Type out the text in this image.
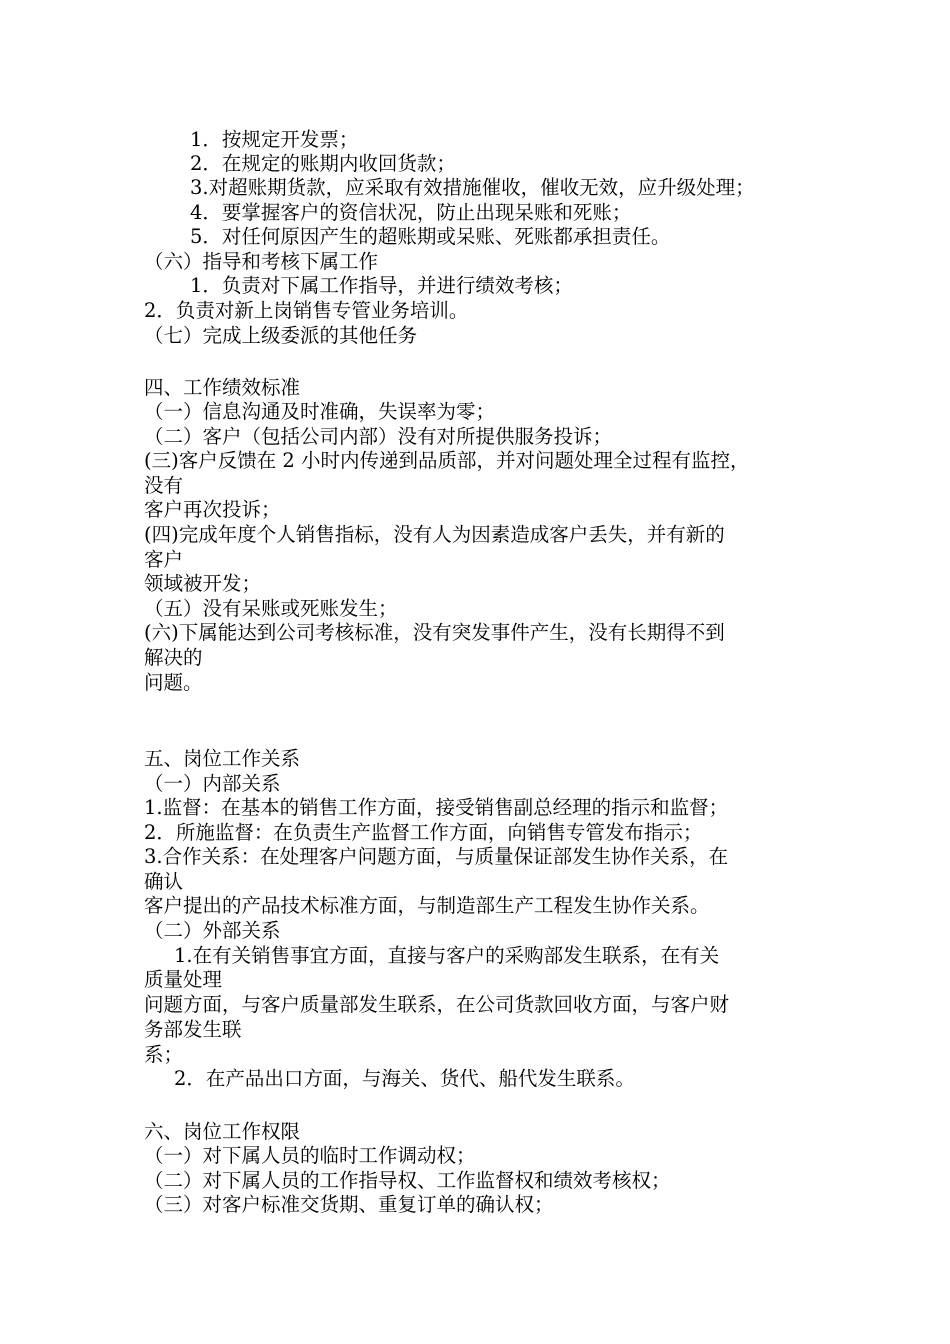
1．按规定开发票；
2．在规定的账期内收回货款；
3.对超账期货款，应采取有效措施催收，催收无效，应升级处理；
4．要掌握客户的资信状况，防止出现呆账和死账；
5．对任何原因产生的超账期或呆账、死账都承担责任。
（六）指导和考核下属工作
1．负责对下属工作指导，并进行绩效考核；
2．负责对新上岗销售专管业务培训。
（七）完成上级委派的其他任务
四、工作绩效标准
（一）信息沟通及时准确，失误率为零；
（二）客户（包括公司内部）没有对所提供服务投诉；
(三)客户反馈在 2 小时内传递到品质部，并对问题处理全过程有监控，
没有
客户再次投诉；
(四)完成年度个人销售指标，没有人为因素造成客户丢失，并有新的
客户
领域被开发；
（五）没有呆账或死账发生；
(六)下属能达到公司考核标准，没有突发事件产生，没有长期得不到
解决的
问题。
五、岗位工作关系
（一）内部关系
1.监督：在基本的销售工作方面，接受销售副总经理的指示和监督；
2．所施监督：在负责生产监督工作方面，向销售专管发布指示；
3.合作关系：在处理客户问题方面，与质量保证部发生协作关系，在
确认
客户提出的产品技术标准方面，与制造部生产工程发生协作关系。
（二）外部关系
1.在有关销售事宜方面，直接与客户的采购部发生联系，在有关
质量处理
问题方面，与客户质量部发生联系，在公司货款回收方面，与客户财
务部发生联
系；
2．在产品出口方面，与海关、货代、船代发生联系。
六、岗位工作权限
（一）对下属人员的临时工作调动权；
（二）对下属人员的工作指导权、工作监督权和绩效考核权；
（三）对客户标准交货期、重复订单的确认权；
